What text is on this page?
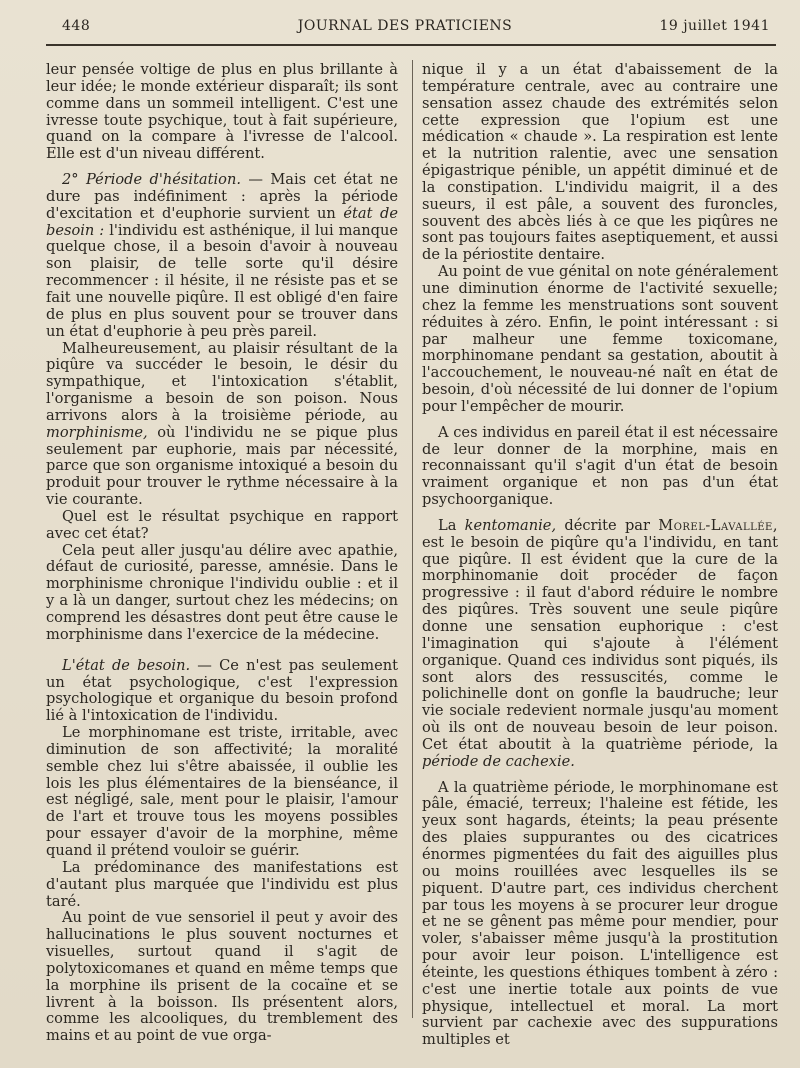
448	JOURNAL DES PRATICIENS	19 juillet 1941

leur pensée voltige de plus en plus brillante à leur idée; le monde extérieur disparaît; ils sont comme dans un sommeil intelligent. C'est une ivresse toute psychique, tout à fait supérieure, quand on la compare à l'ivresse de l'alcool. Elle est d'un niveau différent.

2° Période d'hésitation. — Mais cet état ne dure pas indéfiniment : après la période d'excitation et d'euphorie survient un état de besoin : l'individu est asthénique, il lui manque quelque chose, il a besoin d'avoir à nouveau son plaisir, de telle sorte qu'il désire recommencer : il hésite, il ne résiste pas et se fait une nouvelle piqûre. Il est obligé d'en faire de plus en plus souvent pour se trouver dans un état d'euphorie à peu près pareil.

Malheureusement, au plaisir résultant de la piqûre va succéder le besoin, le désir du sympathique, et l'intoxication s'établit, l'organisme a besoin de son poison. Nous arrivons alors à la troisième période, au morphinisme, où l'individu ne se pique plus seulement par euphorie, mais par nécessité, parce que son organisme intoxiqué a besoin du produit pour trouver le rythme nécessaire à la vie courante.

Quel est le résultat psychique en rapport avec cet état?

Cela peut aller jusqu'au délire avec apathie, défaut de curiosité, paresse, amnésie. Dans le morphinisme chronique l'individu oublie : et il y a là un danger, surtout chez les médecins; on comprend les désastres dont peut être cause le morphinisme dans l'exercice de la médecine.

L'état de besoin. — Ce n'est pas seulement un état psychologique, c'est l'expression psychologique et organique du besoin profond lié à l'intoxication de l'individu.

Le morphinomane est triste, irritable, avec diminution de son affectivité; la moralité semble chez lui s'être abaissée, il oublie les lois les plus élémentaires de la bienséance, il est négligé, sale, ment pour le plaisir, l'amour de l'art et trouve tous les moyens possibles pour essayer d'avoir de la morphine, même quand il prétend vouloir se guérir.

La prédominance des manifestations est d'autant plus marquée que l'individu est plus taré.

Au point de vue sensoriel il peut y avoir des hallucinations le plus souvent nocturnes et visuelles, surtout quand il s'agit de polytoxicomanes et quand en même temps que la morphine ils prisent de la cocaïne et se livrent à la boisson. Ils présentent alors, comme les alcooliques, du tremblement des mains et au point de vue orga-

nique il y a un état d'abaissement de la température centrale, avec au contraire une sensation assez chaude des extrémités selon cette expression que l'opium est une médication « chaude ». La respiration est lente et la nutrition ralentie, avec une sensation épigastrique pénible, un appétit diminué et de la constipation. L'individu maigrit, il a des sueurs, il est pâle, a souvent des furoncles, souvent des abcès liés à ce que les piqûres ne sont pas toujours faites aseptiquement, et aussi de la périostite dentaire.

Au point de vue génital on note généralement une diminution énorme de l'activité sexuelle; chez la femme les menstruations sont souvent réduites à zéro. Enfin, le point intéressant : si par malheur une femme toxicomane, morphinomane pendant sa gestation, aboutit à l'accouchement, le nouveau-né naît en état de besoin, d'où nécessité de lui donner de l'opium pour l'empêcher de mourir.

A ces individus en pareil état il est nécessaire de leur donner de la morphine, mais en reconnaissant qu'il s'agit d'un état de besoin vraiment organique et non pas d'un état psychoorganique.

La kentomanie, décrite par Morel-Lavallée, est le besoin de piqûre qu'a l'individu, en tant que piqûre. Il est évident que la cure de la morphinomanie doit procéder de façon progressive : il faut d'abord réduire le nombre des piqûres. Très souvent une seule piqûre donne une sensation euphorique : c'est l'imagination qui s'ajoute à l'élément organique. Quand ces individus sont piqués, ils sont alors des ressuscités, comme le polichinelle dont on gonfle la baudruche; leur vie sociale redevient normale jusqu'au moment où ils ont de nouveau besoin de leur poison. Cet état aboutit à la quatrième période, la période de cachexie.

A la quatrième période, le morphinomane est pâle, émacié, terreux; l'haleine est fétide, les yeux sont hagards, éteints; la peau présente des plaies suppurantes ou des cicatrices énormes pigmentées du fait des aiguilles plus ou moins rouillées avec lesquelles ils se piquent. D'autre part, ces individus cherchent par tous les moyens à se procurer leur drogue et ne se gênent pas même pour mendier, pour voler, s'abaisser même jusqu'à la prostitution pour avoir leur poison. L'intelligence est éteinte, les questions éthiques tombent à zéro : c'est une inertie totale aux points de vue physique, intellectuel et moral. La mort survient par cachexie avec des suppurations multiples et
